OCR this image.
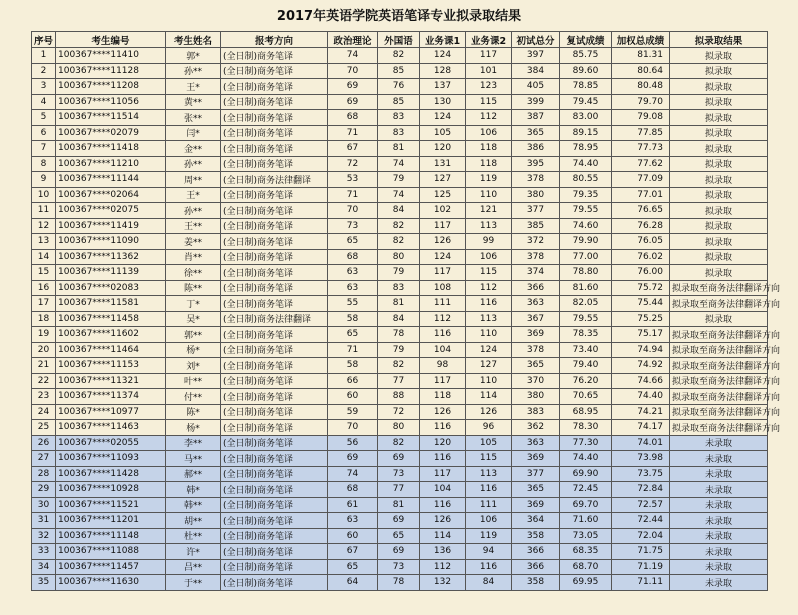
2017年英语学院英语笔译专业拟录取结果
序号	考生编号	考生姓名	报考方向	政治理论	外国语	业务课1	业务课2	初试总分	复试成绩	加权总成绩	拟录取结果
1	100367****11410	郭*	(全日制)商务笔译	74	82	124	117	397	85.75	81.31	拟录取
2	100367****11128	孙**	(全日制)商务笔译	70	85	128	101	384	89.60	80.64	拟录取
3	100367****11208	王*	(全日制)商务笔译	69	76	137	123	405	78.85	80.48	拟录取
4	100367****11056	黄**	(全日制)商务笔译	69	85	130	115	399	79.45	79.70	拟录取
5	100367****11514	张**	(全日制)商务笔译	68	83	124	112	387	83.00	79.08	拟录取
6	100367****02079	闫*	(全日制)商务笔译	71	83	105	106	365	89.15	77.85	拟录取
7	100367****11418	金**	(全日制)商务笔译	67	81	120	118	386	78.95	77.73	拟录取
8	100367****11210	孙**	(全日制)商务笔译	72	74	131	118	395	74.40	77.62	拟录取
9	100367****11144	周**	(全日制)商务法律翻译	53	79	127	119	378	80.55	77.09	拟录取
10	100367****02064	王*	(全日制)商务笔译	71	74	125	110	380	79.35	77.01	拟录取
11	100367****02075	孙**	(全日制)商务笔译	70	84	102	121	377	79.55	76.65	拟录取
12	100367****11419	王**	(全日制)商务笔译	73	82	117	113	385	74.60	76.28	拟录取
13	100367****11090	姜**	(全日制)商务笔译	65	82	126	99	372	79.90	76.05	拟录取
14	100367****11362	肖**	(全日制)商务笔译	68	80	124	106	378	77.00	76.02	拟录取
15	100367****11139	徐**	(全日制)商务笔译	63	79	117	115	374	78.80	76.00	拟录取
16	100367****02083	陈**	(全日制)商务笔译	63	83	108	112	366	81.60	75.72	拟录取至商务法律翻译方向
17	100367****11581	丁*	(全日制)商务笔译	55	81	111	116	363	82.05	75.44	拟录取至商务法律翻译方向
18	100367****11458	吴*	(全日制)商务法律翻译	58	84	112	113	367	79.55	75.25	拟录取
19	100367****11602	郭**	(全日制)商务笔译	65	78	116	110	369	78.35	75.17	拟录取至商务法律翻译方向
20	100367****11464	杨*	(全日制)商务笔译	71	79	104	124	378	73.40	74.94	拟录取至商务法律翻译方向
21	100367****11153	刘*	(全日制)商务笔译	58	82	98	127	365	79.40	74.92	拟录取至商务法律翻译方向
22	100367****11321	叶**	(全日制)商务笔译	66	77	117	110	370	76.20	74.66	拟录取至商务法律翻译方向
23	100367****11374	付**	(全日制)商务笔译	60	88	118	114	380	70.65	74.40	拟录取至商务法律翻译方向
24	100367****10977	陈*	(全日制)商务笔译	59	72	126	126	383	68.95	74.21	拟录取至商务法律翻译方向
25	100367****11463	杨*	(全日制)商务笔译	70	80	116	96	362	78.30	74.17	拟录取至商务法律翻译方向
26	100367****02055	李**	(全日制)商务笔译	56	82	120	105	363	77.30	74.01	未录取
27	100367****11093	马**	(全日制)商务笔译	69	69	116	115	369	74.40	73.98	未录取
28	100367****11428	郝**	(全日制)商务笔译	74	73	117	113	377	69.90	73.75	未录取
29	100367****10928	韩*	(全日制)商务笔译	68	77	104	116	365	72.45	72.84	未录取
30	100367****11521	韩**	(全日制)商务笔译	61	81	116	111	369	69.70	72.57	未录取
31	100367****11201	胡**	(全日制)商务笔译	63	69	126	106	364	71.60	72.44	未录取
32	100367****11148	杜**	(全日制)商务笔译	60	65	114	119	358	73.05	72.04	未录取
33	100367****11088	许*	(全日制)商务笔译	67	69	136	94	366	68.35	71.75	未录取
34	100367****11457	吕**	(全日制)商务笔译	65	73	112	116	366	68.70	71.19	未录取
35	100367****11630	于**	(全日制)商务笔译	64	78	132	84	358	69.95	71.11	未录取
